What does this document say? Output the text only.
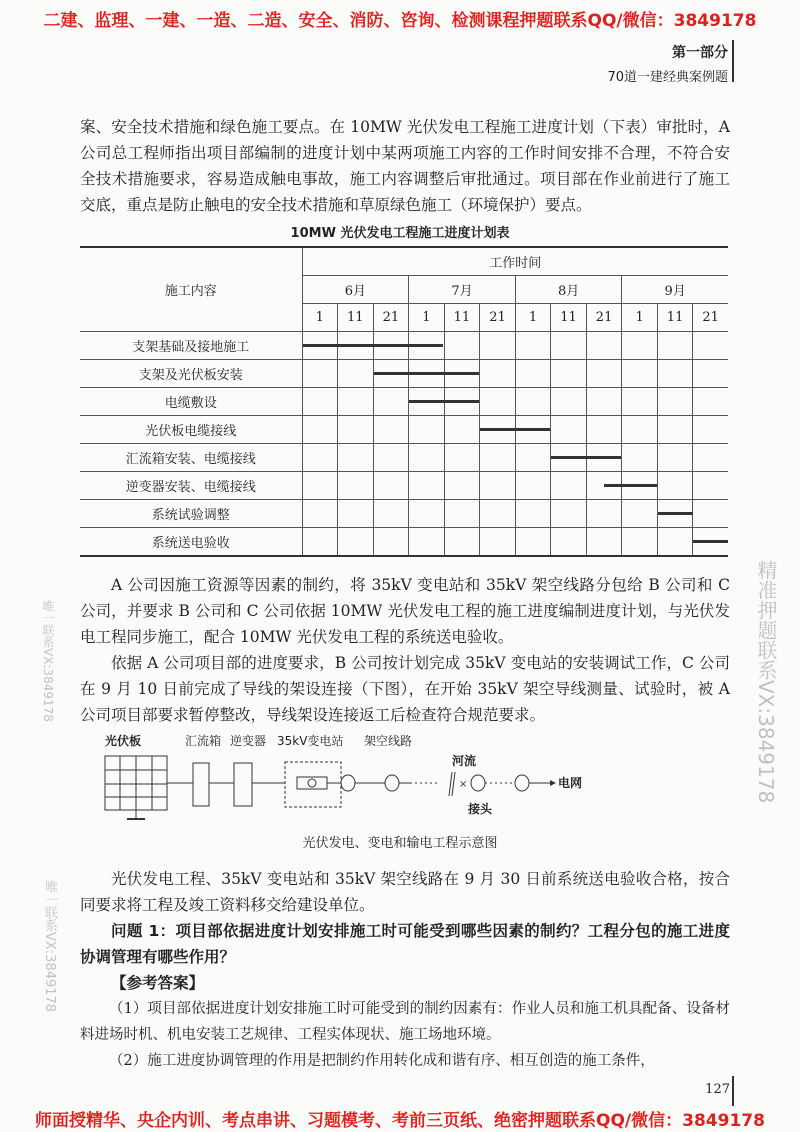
二建、监理、一建、一造、二造、安全、消防、咨询、检测课程押题联系QQ/微信：3849178
第一部分
70道一建经典案例题
案、安全技术措施和绿色施工要点。在 10MW 光伏发电工程施工进度计划（下表）审批时，A 公司总工程师指出项目部编制的进度计划中某两项施工内容的工作时间安排不合理，不符合安全技术措施要求，容易造成触电事故，施工内容调整后审批通过。项目部在作业前进行了施工交底，重点是防止触电的安全技术措施和草原绿色施工（环境保护）要点。
10MW 光伏发电工程施工进度计划表
施工内容	工作时间											
	6月			7月			8月			9月		
	1	11	21	1	11	21	1	11	21	1	11	21
支架基础及接地施工	

支架及光伏板安装			

电缆敷设				

光伏板电缆接线						

汇流箱安装、电缆接线								

逆变器安装、电缆接线									

系统试验调整											

系统送电验收												
A 公司因施工资源等因素的制约，将 35kV 变电站和 35kV 架空线路分包给 B 公司和 C 公司，并要求 B 公司和 C 公司依据 10MW 光伏发电工程的施工进度编制进度计划，与光伏发电工程同步施工，配合 10MW 光伏发电工程的系统送电验收。
依据 A 公司项目部的进度要求，B 公司按计划完成 35kV 变电站的安装调试工作，C 公司在 9 月 10 日前完成了导线的架设连接（下图），在开始 35kV 架空导线测量、试验时，被 A 公司项目部要求暂停整改，导线架设连接返工后检查符合规范要求。
光伏板	汇流箱 逆变器 35kV变电站 架空线路
河流
接头
电网
×
光伏发电、变电和输电工程示意图
光伏发电工程、35kV 变电站和 35kV 架空线路在 9 月 30 日前系统送电验收合格，按合同要求将工程及竣工资料移交给建设单位。
问题 1：项目部依据进度计划安排施工时可能受到哪些因素的制约？工程分包的施工进度协调管理有哪些作用？
【参考答案】
（1）项目部依据进度计划安排施工时可能受到的制约因素有：作业人员和施工机具配备、设备材料进场时机、机电安装工艺规律、工程实体现状、施工场地环境。
（2）施工进度协调管理的作用是把制约作用转化成和谐有序、相互创造的施工条件，
127
师面授精华、央企内训、考点串讲、习题模考、考前三页纸、绝密押题联系QQ/微信：3849178
精准押题联系VX:3849178
唯一联系VX:3849178
唯一联系VX:3849178
